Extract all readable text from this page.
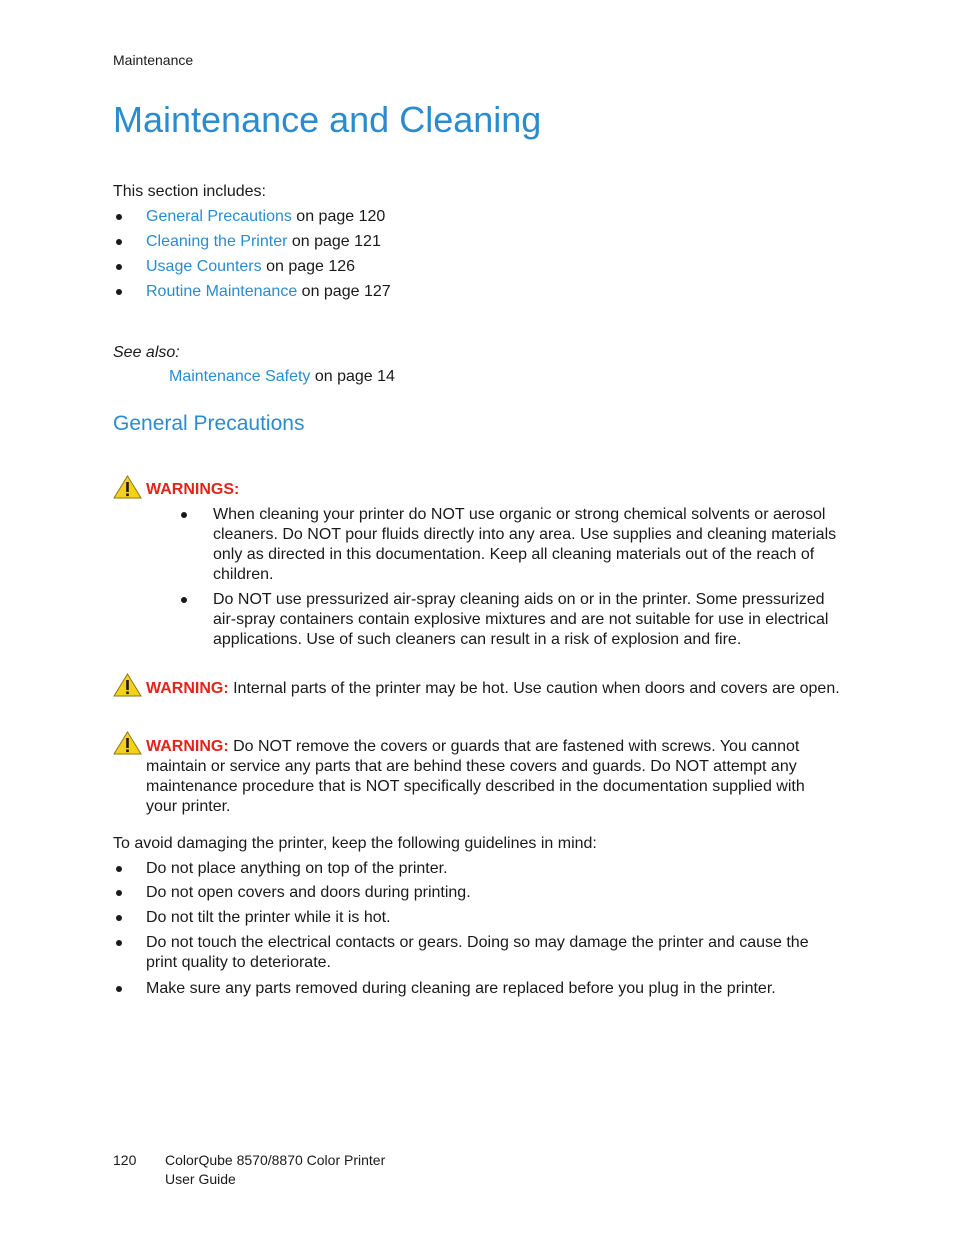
Maintenance
Maintenance and Cleaning
This section includes:
General Precautions on page 120
Cleaning the Printer on page 121
Usage Counters on page 126
Routine Maintenance on page 127
See also:
Maintenance Safety on page 14
General Precautions
WARNINGS:
When cleaning your printer do NOT use organic or strong chemical solvents or aerosol cleaners. Do NOT pour fluids directly into any area. Use supplies and cleaning materials only as directed in this documentation. Keep all cleaning materials out of the reach of children.
Do NOT use pressurized air-spray cleaning aids on or in the printer. Some pressurized air-spray containers contain explosive mixtures and are not suitable for use in electrical applications. Use of such cleaners can result in a risk of explosion and fire.
WARNING: Internal parts of the printer may be hot. Use caution when doors and covers are open.
WARNING: Do NOT remove the covers or guards that are fastened with screws. You cannot maintain or service any parts that are behind these covers and guards. Do NOT attempt any maintenance procedure that is NOT specifically described in the documentation supplied with your printer.
To avoid damaging the printer, keep the following guidelines in mind:
Do not place anything on top of the printer.
Do not open covers and doors during printing.
Do not tilt the printer while it is hot.
Do not touch the electrical contacts or gears. Doing so may damage the printer and cause the print quality to deteriorate.
Make sure any parts removed during cleaning are replaced before you plug in the printer.
120 ColorQube 8570/8870 Color Printer
User Guide
